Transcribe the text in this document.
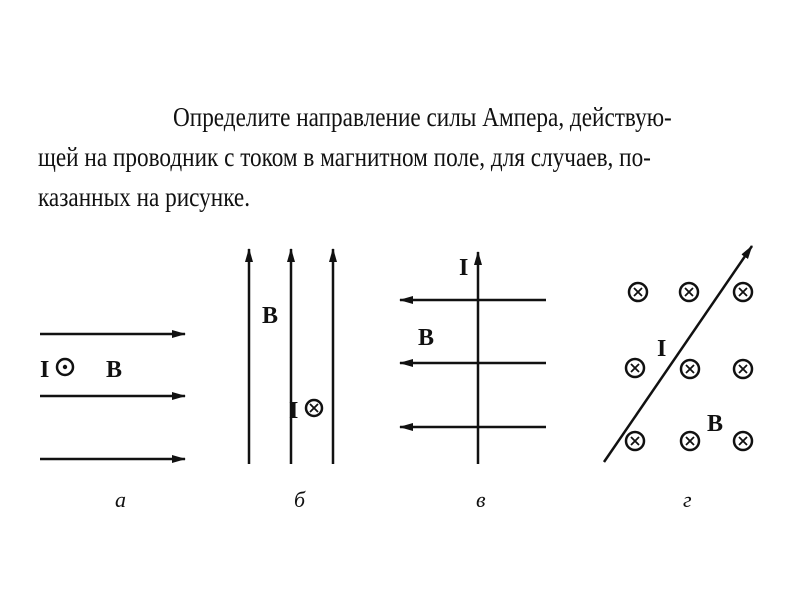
Определите направление силы Ампера, действую-
щей на проводник с током в магнитном поле, для случаев, по-
казанных на рисунке.
I B
а
B
I
б
I
B
в
I
B
г
